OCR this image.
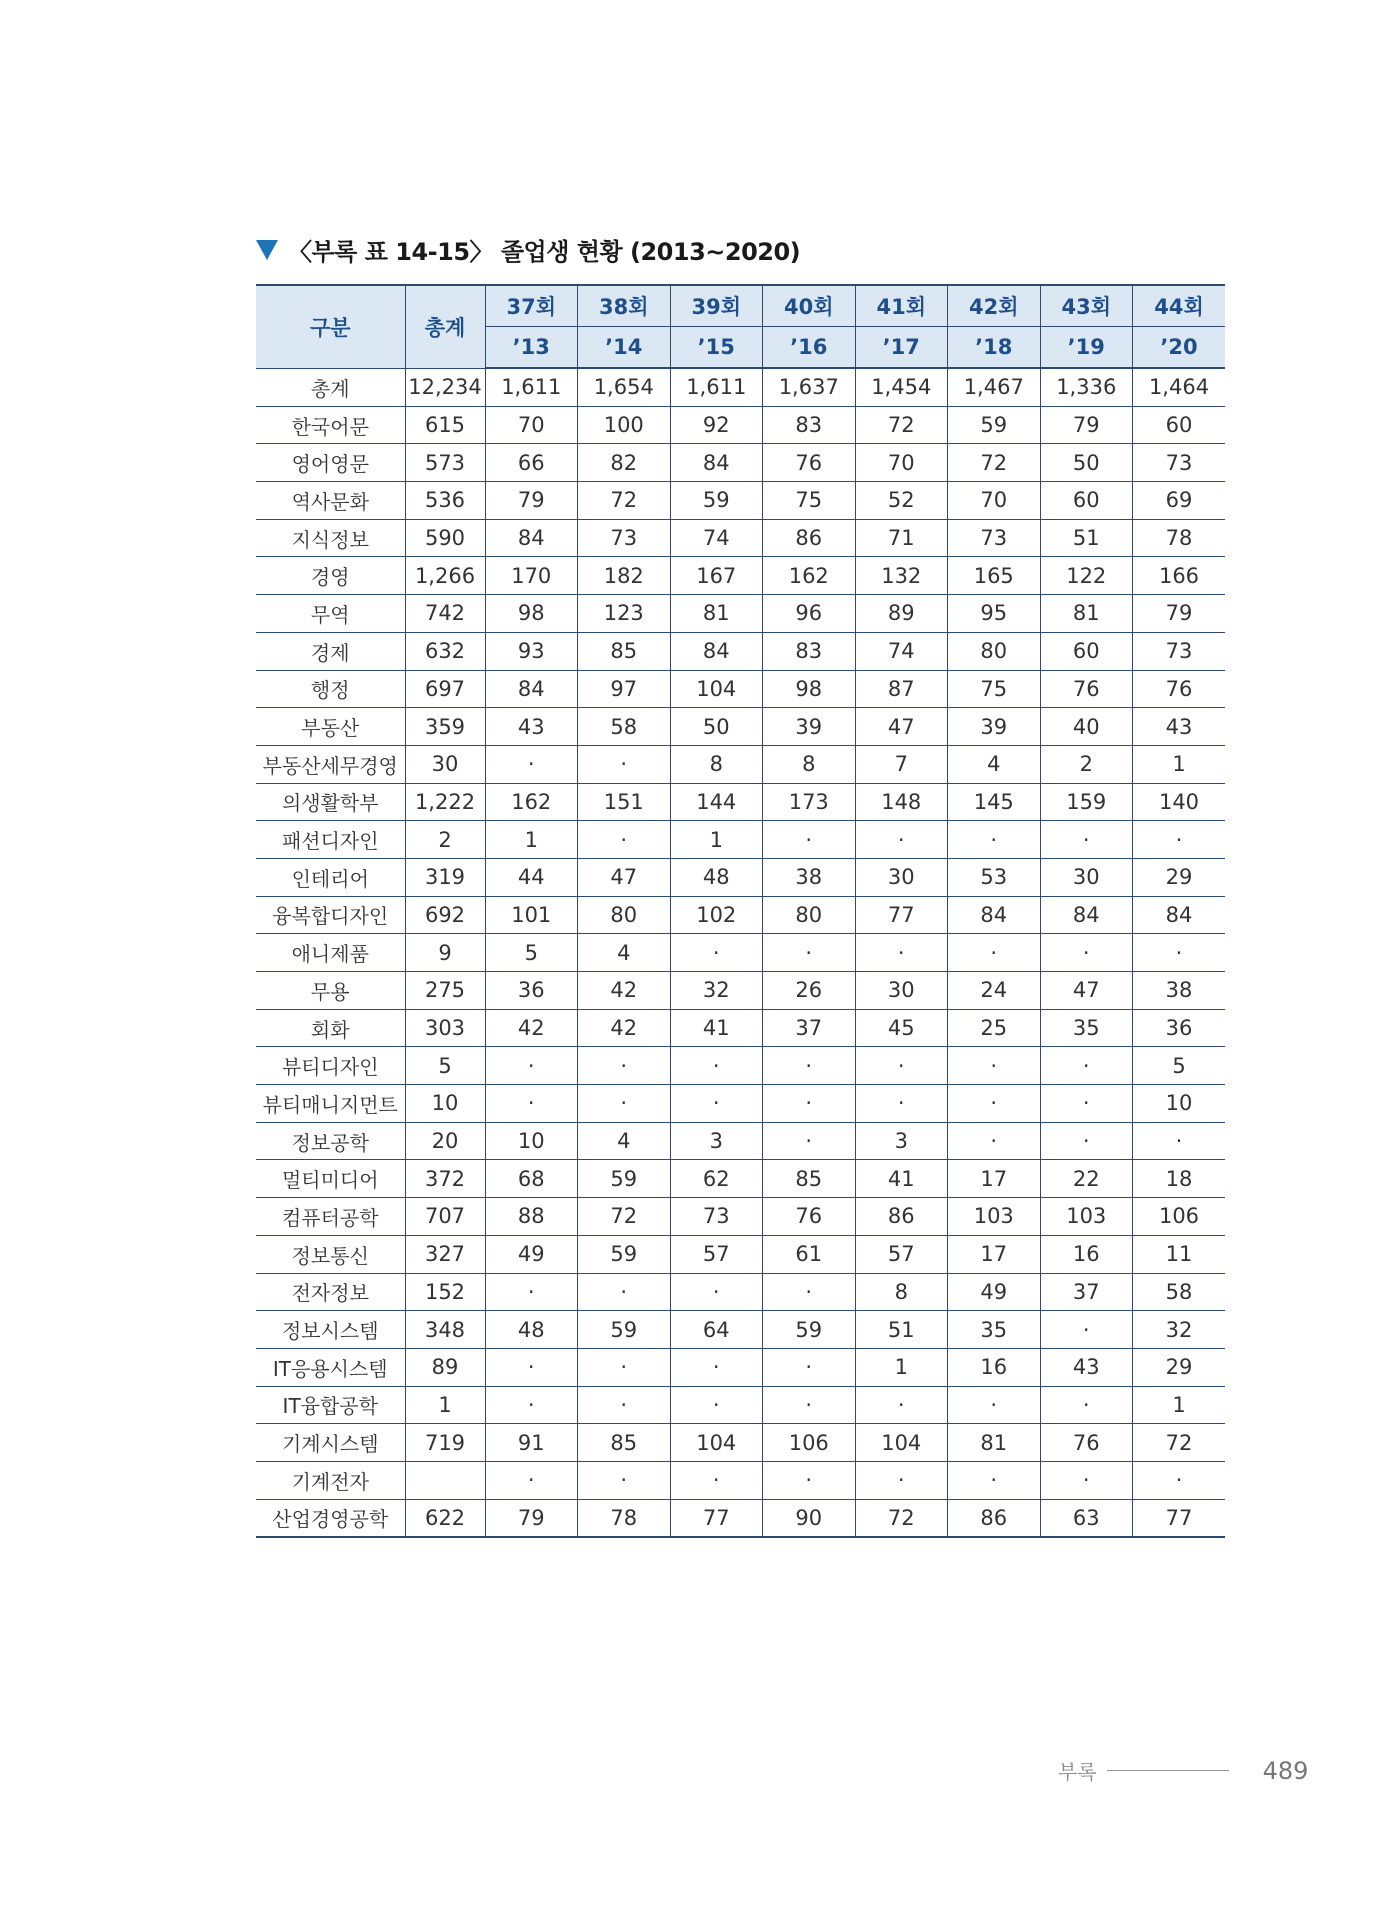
〈부록 표 14-15〉 졸업생 현황 (2013~2020)
구분	총계	37회	38회	39회	40회	41회	42회	43회	44회
		’13	’14	’15	’16	’17	’18	’19	’20
총계	12,234	1,611	1,654	1,611	1,637	1,454	1,467	1,336	1,464
한국어문	615	70	100	92	83	72	59	79	60
영어영문	573	66	82	84	76	70	72	50	73
역사문화	536	79	72	59	75	52	70	60	69
지식정보	590	84	73	74	86	71	73	51	78
경영	1,266	170	182	167	162	132	165	122	166
무역	742	98	123	81	96	89	95	81	79
경제	632	93	85	84	83	74	80	60	73
행정	697	84	97	104	98	87	75	76	76
부동산	359	43	58	50	39	47	39	40	43
부동산세무경영	30	·	·	8	8	7	4	2	1
의생활학부	1,222	162	151	144	173	148	145	159	140
패션디자인	2	1	·	1	·	·	·	·	·
인테리어	319	44	47	48	38	30	53	30	29
융복합디자인	692	101	80	102	80	77	84	84	84
애니제품	9	5	4	·	·	·	·	·	·
무용	275	36	42	32	26	30	24	47	38
회화	303	42	42	41	37	45	25	35	36
뷰티디자인	5	·	·	·	·	·	·	·	5
뷰티매니지먼트	10	·	·	·	·	·	·	·	10
정보공학	20	10	4	3	·	3	·	·	·
멀티미디어	372	68	59	62	85	41	17	22	18
컴퓨터공학	707	88	72	73	76	86	103	103	106
정보통신	327	49	59	57	61	57	17	16	11
전자정보	152	·	·	·	·	8	49	37	58
정보시스템	348	48	59	64	59	51	35	·	32
IT응용시스템	89	·	·	·	·	1	16	43	29
IT융합공학	1	·	·	·	·	·	·	·	1
기계시스템	719	91	85	104	106	104	81	76	72
기계전자		·	·	·	·	·	·	·	·
산업경영공학	622	79	78	77	90	72	86	63	77
부록	489
